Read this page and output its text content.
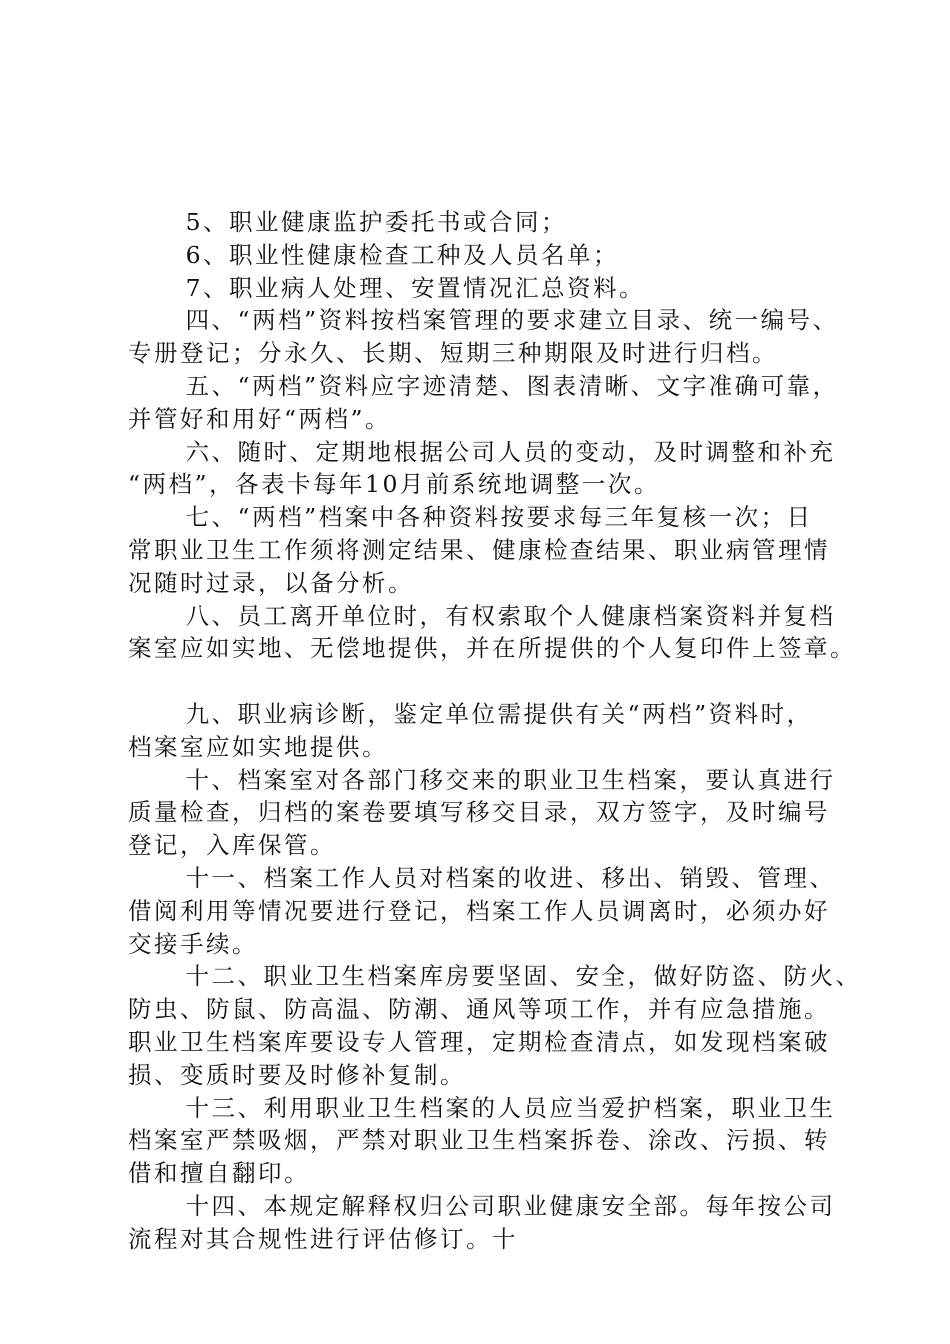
5、职业健康监护委托书或合同；

6、职业性健康检查工种及人员名单；

7、职业病人处理、安置情况汇总资料。

四、“两档”资料按档案管理的要求建立目录、统一编号、
专册登记；分永久、长期、短期三种期限及时进行归档。

五、“两档”资料应字迹清楚、图表清晰、文字准确可靠，
并管好和用好“两档”。

六、随时、定期地根据公司人员的变动，及时调整和补充
“两档”，各表卡每年10月前系统地调整一次。

七、“两档”档案中各种资料按要求每三年复核一次；日
常职业卫生工作须将测定结果、健康检查结果、职业病管理情
况随时过录，以备分析。

八、员工离开单位时，有权索取个人健康档案资料并复档
案室应如实地、无偿地提供，并在所提供的个人复印件上签章。

九、职业病诊断，鉴定单位需提供有关“两档”资料时，
档案室应如实地提供。

十、档案室对各部门移交来的职业卫生档案，要认真进行
质量检查，归档的案卷要填写移交目录，双方签字，及时编号
登记，入库保管。

十一、档案工作人员对档案的收进、移出、销毁、管理、
借阅利用等情况要进行登记，档案工作人员调离时，必须办好
交接手续。

十二、职业卫生档案库房要坚固、安全，做好防盗、防火、
防虫、防鼠、防高温、防潮、通风等项工作，并有应急措施。
职业卫生档案库要设专人管理，定期检查清点，如发现档案破
损、变质时要及时修补复制。

十三、利用职业卫生档案的人员应当爱护档案，职业卫生
档案室严禁吸烟，严禁对职业卫生档案拆卷、涂改、污损、转
借和擅自翻印。

十四、本规定解释权归公司职业健康安全部。每年按公司
流程对其合规性进行评估修订。十
